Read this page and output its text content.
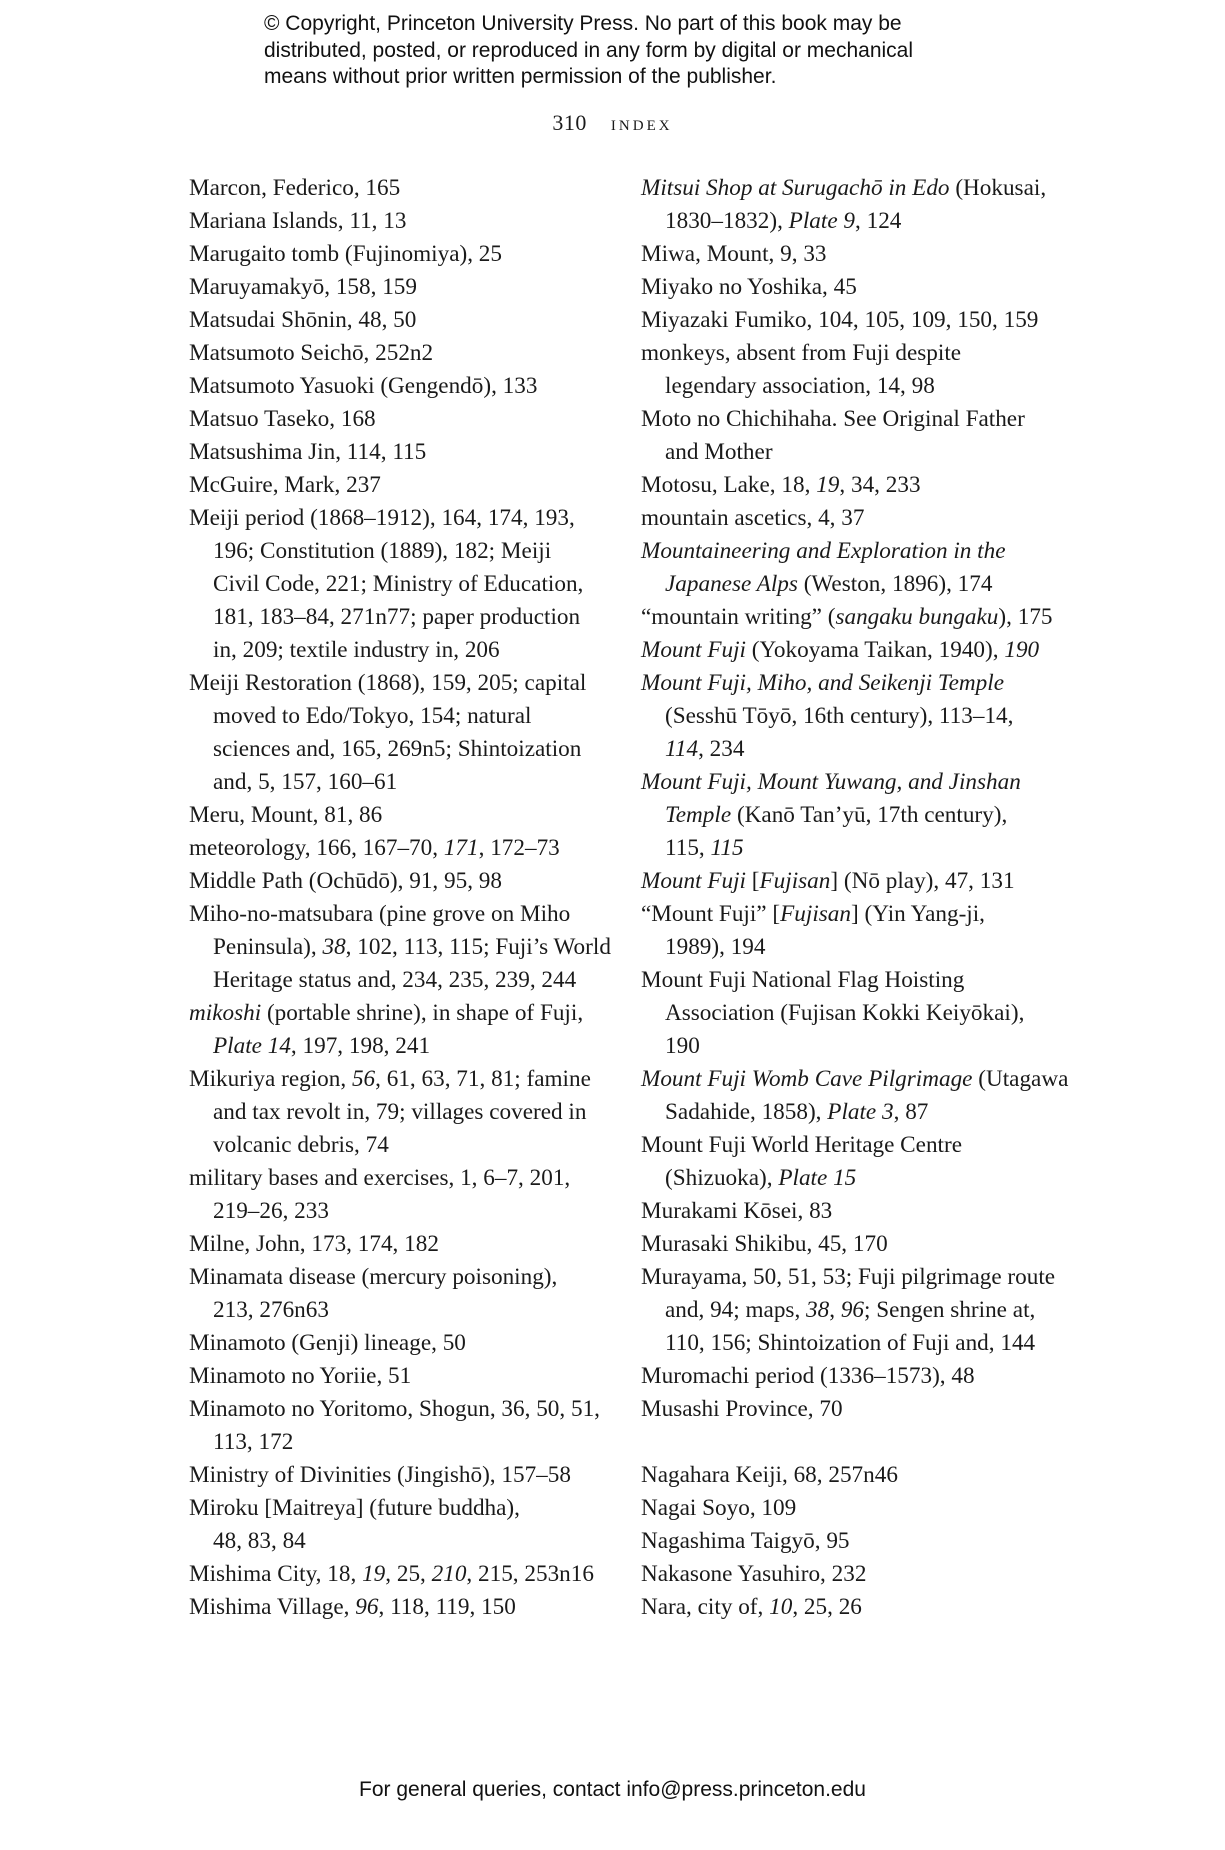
© Copyright, Princeton University Press. No part of this book may be
distributed, posted, or reproduced in any form by digital or mechanical
means without prior written permission of the publisher.
310 index
Marcon, Federico, 165
Mariana Islands, 11, 13
Marugaito tomb (Fujinomiya), 25
Maruyamakyō, 158, 159
Matsudai Shōnin, 48, 50
Matsumoto Seichō, 252n2
Matsumoto Yasuoki (Gengendō), 133
Matsuo Taseko, 168
Matsushima Jin, 114, 115
McGuire, Mark, 237
Meiji period (1868–1912), 164, 174, 193,
196; Constitution (1889), 182; Meiji
Civil Code, 221; Ministry of Education,
181, 183–84, 271n77; paper production
in, 209; textile industry in, 206
Meiji Restoration (1868), 159, 205; capital
moved to Edo/Tokyo, 154; natural
sciences and, 165, 269n5; Shintoization
and, 5, 157, 160–61
Meru, Mount, 81, 86
meteorology, 166, 167–70, 171, 172–73
Middle Path (Ochūdō), 91, 95, 98
Miho-no-matsubara (pine grove on Miho
Peninsula), 38, 102, 113, 115; Fuji’s World
Heritage status and, 234, 235, 239, 244
mikoshi (portable shrine), in shape of Fuji,
Plate 14, 197, 198, 241
Mikuriya region, 56, 61, 63, 71, 81; famine
and tax revolt in, 79; villages covered in
volcanic debris, 74
military bases and exercises, 1, 6–7, 201,
219–26, 233
Milne, John, 173, 174, 182
Minamata disease (mercury poisoning),
213, 276n63
Minamoto (Genji) lineage, 50
Minamoto no Yoriie, 51
Minamoto no Yoritomo, Shogun, 36, 50, 51,
113, 172
Ministry of Divinities (Jingishō), 157–58
Miroku [Maitreya] (future buddha),
48, 83, 84
Mishima City, 18, 19, 25, 210, 215, 253n16
Mishima Village, 96, 118, 119, 150
Mitsui Shop at Surugachō in Edo (Hokusai,
1830–1832), Plate 9, 124
Miwa, Mount, 9, 33
Miyako no Yoshika, 45
Miyazaki Fumiko, 104, 105, 109, 150, 159
monkeys, absent from Fuji despite
legendary association, 14, 98
Moto no Chichihaha. See Original Father
and Mother
Motosu, Lake, 18, 19, 34, 233
mountain ascetics, 4, 37
Mountaineering and Exploration in the
Japanese Alps (Weston, 1896), 174
“mountain writing” (sangaku bungaku), 175
Mount Fuji (Yokoyama Taikan, 1940), 190
Mount Fuji, Miho, and Seikenji Temple
(Sesshū Tōyō, 16th century), 113–14,
114, 234
Mount Fuji, Mount Yuwang, and Jinshan
Temple (Kanō Tan’yū, 17th century),
115, 115
Mount Fuji [Fujisan] (Nō play), 47, 131
“Mount Fuji” [Fujisan] (Yin Yang-ji,
1989), 194
Mount Fuji National Flag Hoisting
Association (Fujisan Kokki Keiyōkai),
190
Mount Fuji Womb Cave Pilgrimage (Utagawa
Sadahide, 1858), Plate 3, 87
Mount Fuji World Heritage Centre
(Shizuoka), Plate 15
Murakami Kōsei, 83
Murasaki Shikibu, 45, 170
Murayama, 50, 51, 53; Fuji pilgrimage route
and, 94; maps, 38, 96; Sengen shrine at,
110, 156; Shintoization of Fuji and, 144
Muromachi period (1336–1573), 48
Musashi Province, 70
Nagahara Keiji, 68, 257n46
Nagai Soyo, 109
Nagashima Taigyō, 95
Nakasone Yasuhiro, 232
Nara, city of, 10, 25, 26
For general queries, contact info@press.princeton.edu
